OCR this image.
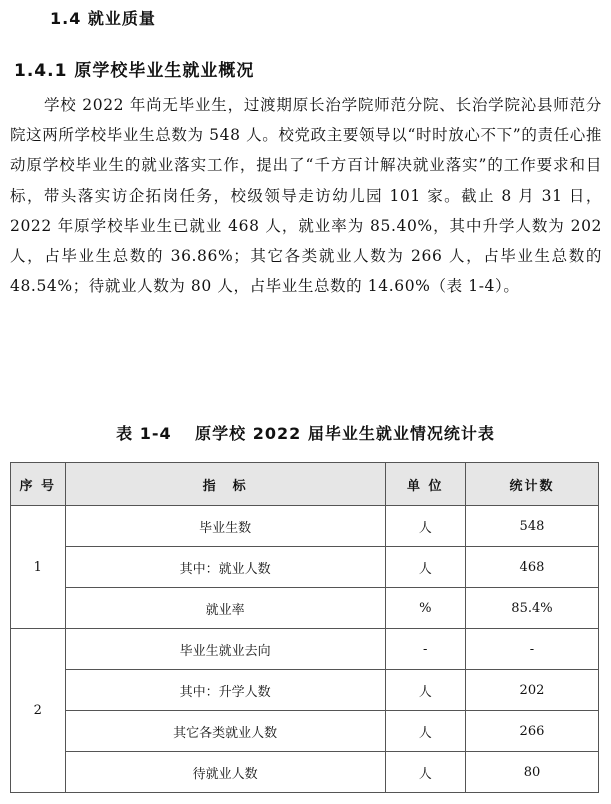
1.4 就业质量
1.4.1 原学校毕业生就业概况

学校 2022 年尚无毕业生，过渡期原长治学院师范分院、长治学院沁县师范分院这两所学校毕业生总数为 548 人。校党政主要领导以“时时放心不下”的责任心推动原学校毕业生的就业落实工作，提出了“千方百计解决就业落实”的工作要求和目标，带头落实访企拓岗任务，校级领导走访幼儿园 101 家。截止 8 月 31 日，2022 年原学校毕业生已就业 468 人，就业率为 85.40%，其中升学人数为 202 人，占毕业生总数的 36.86%；其它各类就业人数为 266 人，占毕业生总数的 48.54%；待就业人数为 80 人，占毕业生总数的 14.60%（表 1-4）。

表 1-4　 原学校 2022 届毕业生就业情况统计表
序 号	指　标	单 位	统计数
1	毕业生数	人	548
	其中：就业人数	人	468
	就业率	%	85.4%
2	毕业生就业去向	-	-
	其中：升学人数	人	202
	其它各类就业人数	人	266
	待就业人数	人	80
